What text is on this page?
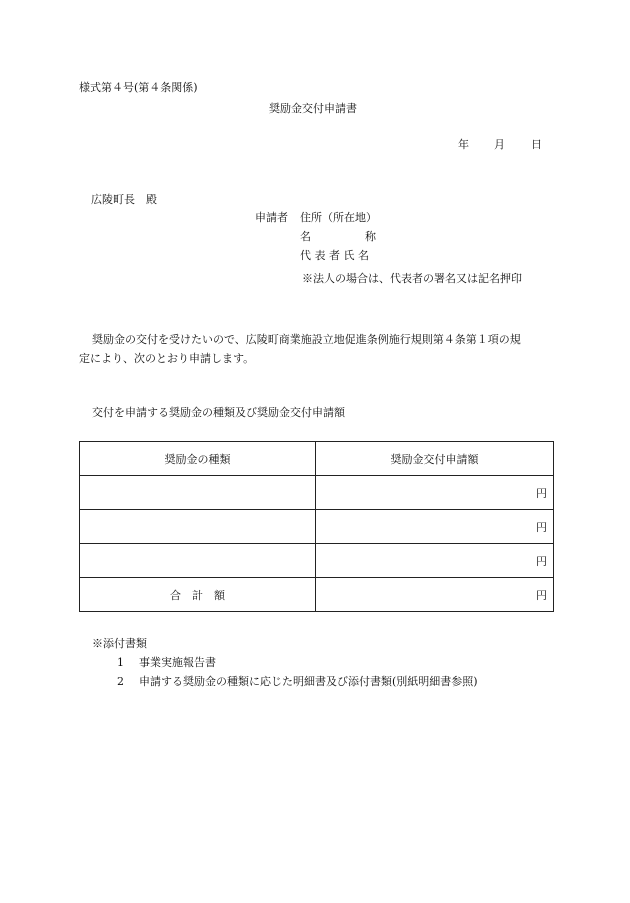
様式第４号(第４条関係)
奨励金交付申請書
年 月 日
広陵町長　殿
申請者 住所（所在地）
名	称
代 表 者 氏 名
※法人の場合は、代表者の署名又は記名押印
奨励金の交付を受けたいので、広陵町商業施設立地促進条例施行規則第４条第１項の規
定により、次のとおり申請します。
交付を申請する奨励金の種類及び奨励金交付申請額
奨励金の種類	奨励金交付申請額
	円
	円
	円
合　計　額	円
※添付書類
1 事業実施報告書
2 申請する奨励金の種類に応じた明細書及び添付書類(別紙明細書参照)
